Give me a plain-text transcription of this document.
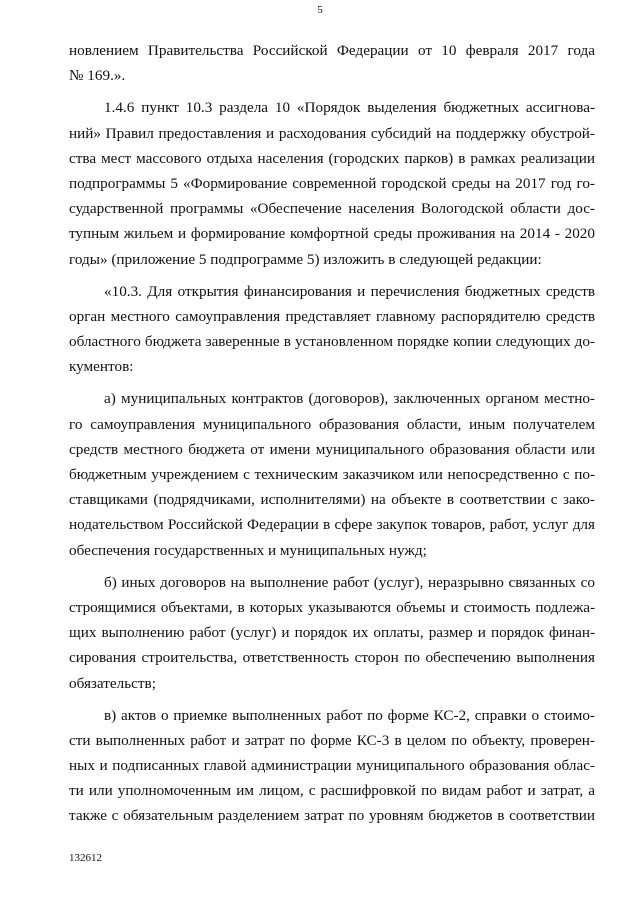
5
новлением Правительства Российской Федерации от 10 февраля 2017 года
№ 169.».
1.4.6 пункт 10.3 раздела 10 «Порядок выделения бюджетных ассигнова-
ний» Правил предоставления и расходования субсидий на поддержку обустрой-
ства мест массового отдыха населения (городских парков) в рамках реализации
подпрограммы 5 «Формирование современной городской среды на 2017 год го-
сударственной программы «Обеспечение населения Вологодской области дос-
тупным жильем и формирование комфортной среды проживания на 2014 - 2020
годы» (приложение 5 подпрограмме 5) изложить в следующей редакции:
«10.3. Для открытия финансирования и перечисления бюджетных средств
орган местного самоуправления представляет главному распорядителю средств
областного бюджета заверенные в установленном порядке копии следующих до-
кументов:
а) муниципальных контрактов (договоров), заключенных органом местно-
го самоуправления муниципального образования области, иным получателем
средств местного бюджета от имени муниципального образования области или
бюджетным учреждением с техническим заказчиком или непосредственно с по-
ставщиками (подрядчиками, исполнителями) на объекте в соответствии с зако-
нодательством Российской Федерации в сфере закупок товаров, работ, услуг для
обеспечения государственных и муниципальных нужд;
б) иных договоров на выполнение работ (услуг), неразрывно связанных со
строящимися объектами, в которых указываются объемы и стоимость подлежа-
щих выполнению работ (услуг) и порядок их оплаты, размер и порядок финан-
сирования строительства, ответственность сторон по обеспечению выполнения
обязательств;
в) актов о приемке выполненных работ по форме КС-2, справки о стоимо-
сти выполненных работ и затрат по форме КС-3 в целом по объекту, проверен-
ных и подписанных главой администрации муниципального образования облас-
ти или уполномоченным им лицом, с расшифровкой по видам работ и затрат, а
также с обязательным разделением затрат по уровням бюджетов в соответствии
132612
